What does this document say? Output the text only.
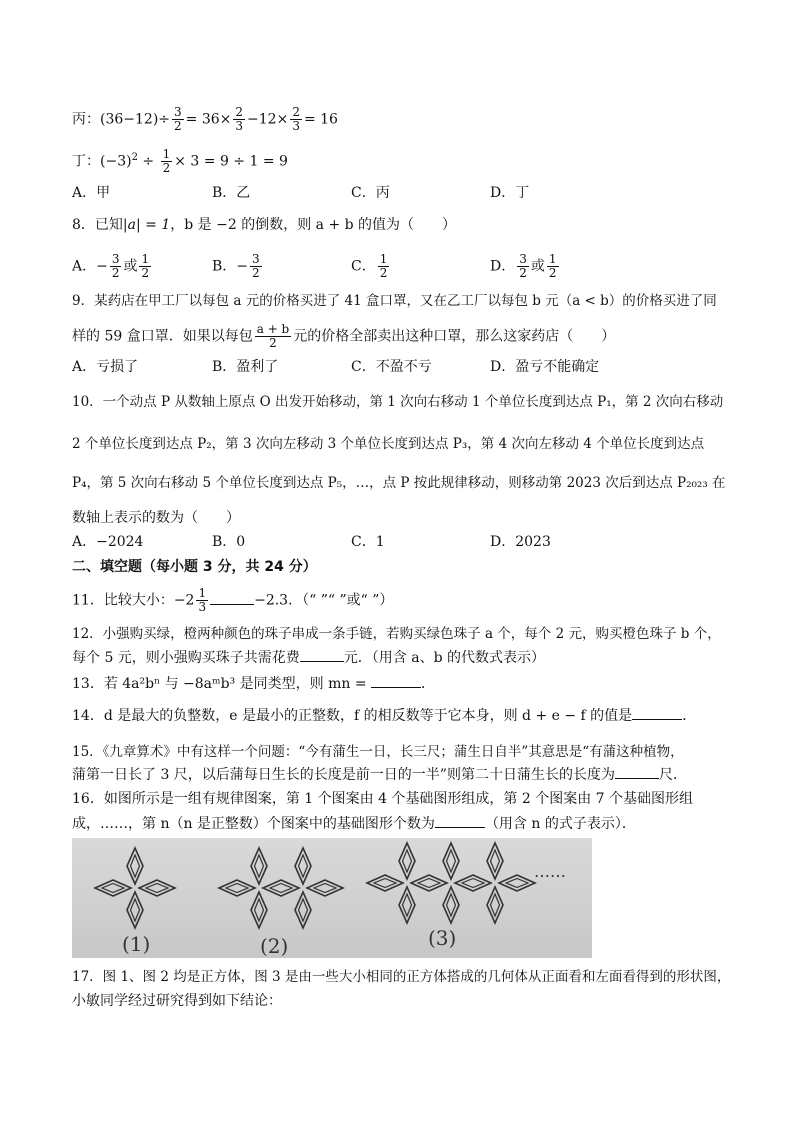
丙：$(36-12)\div \frac{3}{2} = 36\times \frac{2}{3} -12\times \frac{2}{3} = 16$
丁：$(-3)^2 \div \frac{1}{2} \times 3 = 9 \div 1 = 9$
A．甲	B．乙	C．丙	D．丁
8．已知|a| = 1，b 是 −2 的倒数，则 a + b 的值为（　　）
A．− $\frac{3}{2}$ 或 $\frac{1}{2}$	B．− $\frac{3}{2}$	C． $\frac{1}{2}$	D． $\frac{3}{2}$ 或 $\frac{1}{2}$
9．某药店在甲工厂以每包 a 元的价格买进了 41 盒口罩，又在乙工厂以每包 b 元（a < b）的价格买进了同
样的 59 盒口罩．如果以每包 $\frac{a + b}{2}$ 元的价格全部卖出这种口罩，那么这家药店（　　）
A．亏损了	B．盈利了	C．不盈不亏	D．盈亏不能确定
10．一个动点 P 从数轴上原点 O 出发开始移动，第 1 次向右移动 1 个单位长度到达点 P₁，第 2 次向右移动
2 个单位长度到达点 P₂，第 3 次向左移动 3 个单位长度到达点 P₃，第 4 次向左移动 4 个单位长度到达点
P₄，第 5 次向右移动 5 个单位长度到达点 P₅，…，点 P 按此规律移动，则移动第 2023 次后到达点 P₂₀₂₃ 在
数轴上表示的数为（　　）
A．−2024	B．0	C．1	D．2023
二、填空题（每小题 3 分，共 24 分）
11．比较大小：$-2 \frac{1}{3}$	−2.3．（“ ”“ ”或“ ”）
12．小强购买绿，橙两种颜色的珠子串成一条手链，若购买绿色珠子 a 个，每个 2 元，购买橙色珠子 b 个，
每个 5 元，则小强购买珠子共需花费	元．（用含 a、b 的代数式表示）
13．若 4a²bⁿ 与 −8aᵐb³ 是同类型，则 mn =	．
14．d 是最大的负整数，e 是最小的正整数，f 的相反数等于它本身，则 d + e − f 的值是	．
15．《九章算术》中有这样一个问题：“今有蒲生一日，长三尺；蒲生日自半”其意思是“有蒲这种植物，
蒲第一日长了 3 尺，以后蒲每日生长的长度是前一日的一半”则第二十日蒲生长的长度为	尺．
16．如图所示是一组有规律图案，第 1 个图案由 4 个基础图形组成，第 2 个图案由 7 个基础图形组
成，……，第 n（n 是正整数）个图案中的基础图形个数为	（用含 n 的式子表示）．
(1)	(2)	(3)
……
17．图 1、图 2 均是正方体，图 3 是由一些大小相同的正方体搭成的几何体从正面看和左面看得到的形状图，
小敏同学经过研究得到如下结论：
